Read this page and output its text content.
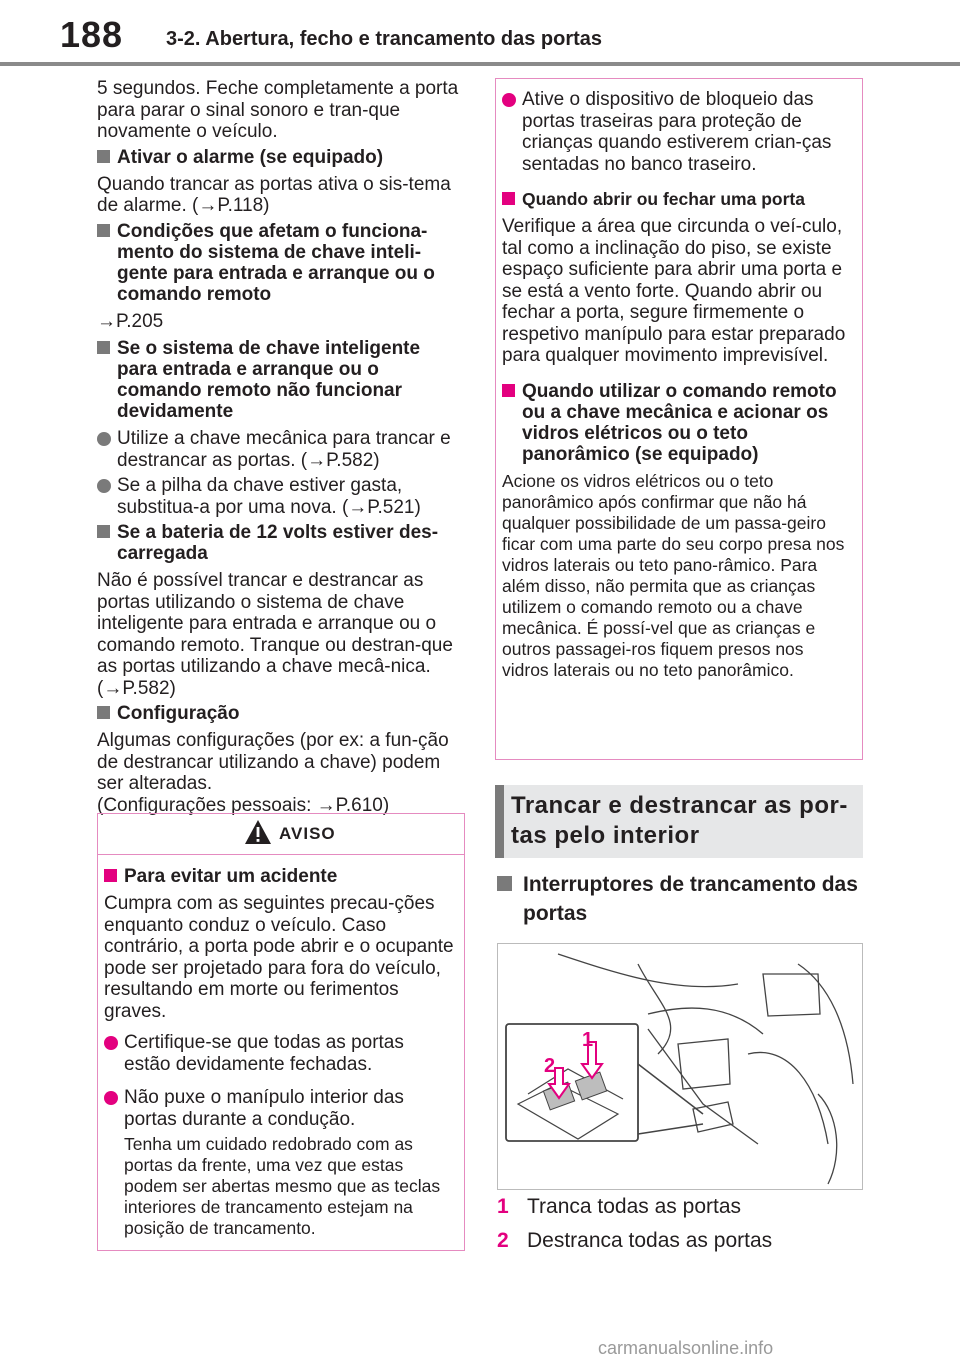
188 3-2. Abertura, fecho e trancamento das portas

5 segundos. Feche completamente a porta para parar o sinal sonoro e tran-que novamente o veículo.

Ativar o alarme (se equipado)

Quando trancar as portas ativa o sis-tema de alarme. (→P.118)

Condições que afetam o funciona-mento do sistema de chave inteli-gente para entrada e arranque ou o comando remoto

→P.205

Se o sistema de chave inteligente para entrada e arranque ou o comando remoto não funcionar devidamente

Utilize a chave mecânica para trancar e destrancar as portas. (→P.582)

Se a pilha da chave estiver gasta, substitua-a por uma nova. (→P.521)

Se a bateria de 12 volts estiver des-carregada

Não é possível trancar e destrancar as portas utilizando o sistema de chave inteligente para entrada e arranque ou o comando remoto. Tranque ou destran-que as portas utilizando a chave mecâ-nica. (→P.582)

Configuração

Algumas configurações (por ex: a fun-ção de destrancar utilizando a chave) podem ser alteradas.

(Configurações pessoais: →P.610)

AVISO
Para evitar um acidente

Cumpra com as seguintes precau-ções enquanto conduz o veículo. Caso contrário, a porta pode abrir e o ocupante pode ser projetado para fora do veículo, resultando em morte ou ferimentos graves.

Certifique-se que todas as portas estão devidamente fechadas.

Não puxe o manípulo interior das portas durante a condução.

Tenha um cuidado redobrado com as portas da frente, uma vez que estas podem ser abertas mesmo que as teclas interiores de trancamento estejam na posição de trancamento.

Ative o dispositivo de bloqueio das portas traseiras para proteção de crianças quando estiverem crian-ças sentadas no banco traseiro.

Quando abrir ou fechar uma porta

Verifique a área que circunda o veí-culo, tal como a inclinação do piso, se existe espaço suficiente para abrir uma porta e se está a vento forte. Quando abrir ou fechar a porta, segure firmemente o respetivo manípulo para estar preparado para qualquer movimento imprevisível.

Quando utilizar o comando remoto ou a chave mecânica e acionar os vidros elétricos ou o teto panorâmico (se equipado)

Acione os vidros elétricos ou o teto panorâmico após confirmar que não há qualquer possibilidade de um passa-geiro ficar com uma parte do seu corpo presa nos vidros laterais ou teto pano-râmico. Para além disso, não permita que as crianças utilizem o comando remoto ou a chave mecânica. É possí-vel que as crianças e outros passagei-ros fiquem presos nos vidros laterais ou no teto panorâmico.

Trancar e destrancar as por-tas pelo interior
Interruptores de trancamento das portas
1
2
1 Tranca todas as portas
2 Destranca todas as portas
carmanualsonline.info
